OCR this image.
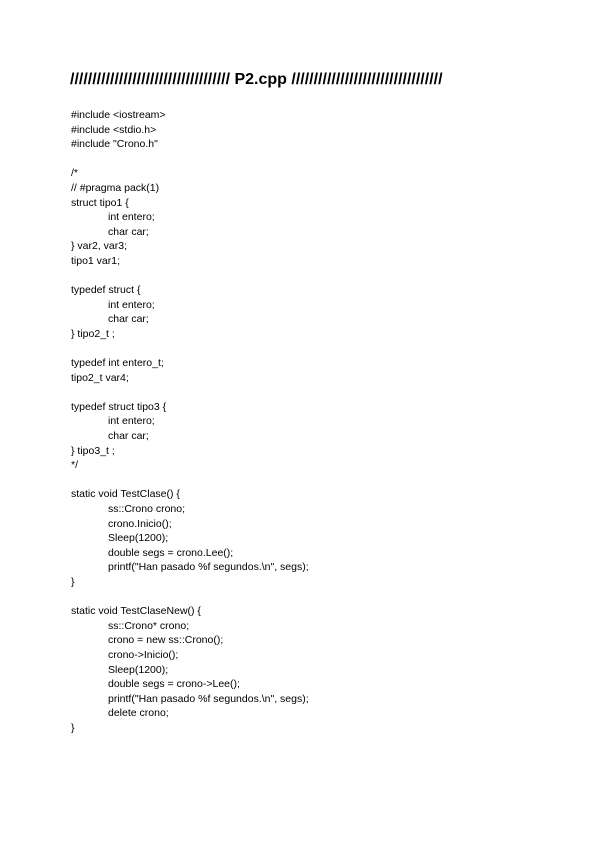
//////////////////////////////////// P2.cpp //////////////////////////////////
#include <iostream>
#include <stdio.h>
#include "Crono.h"
/*
// #pragma pack(1)
struct tipo1 {
int entero;
char car;
} var2, var3;
tipo1 var1;
typedef struct {
int entero;
char car;
} tipo2_t ;
typedef int entero_t;
tipo2_t var4;
typedef struct tipo3 {
int entero;
char car;
} tipo3_t ;
*/
static void TestClase() {
ss::Crono crono;
crono.Inicio();
Sleep(1200);
double segs = crono.Lee();
printf("Han pasado %f segundos.\n", segs);
}
static void TestClaseNew() {
ss::Crono* crono;
crono = new ss::Crono();
crono->Inicio();
Sleep(1200);
double segs = crono->Lee();
printf("Han pasado %f segundos.\n", segs);
delete crono;
}
